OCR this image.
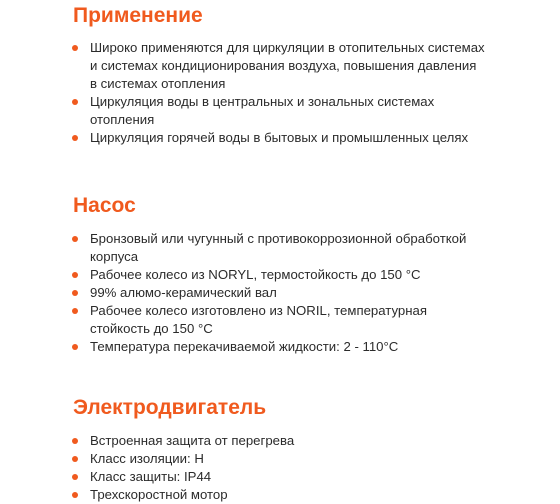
Применение
Широко применяются для циркуляции в отопительных системах
и системах кондиционирования воздуха, повышения давления
в системах отопления
Циркуляция воды в центральных и зональных системах
отопления
Циркуляция горячей воды в бытовых и промышленных целях
Насос
Бронзовый или чугунный с противокоррозионной обработкой
корпуса
Рабочее колесо из NORYL, термостойкость до 150 °С
99% алюмо-керамический вал
Рабочее колесо изготовлено из NORIL, температурная
стойкость до 150 °С
Температура перекачиваемой жидкости: 2 - 110°С
Электродвигатель
Встроенная защита от перегрева
Класс изоляции: H
Класс защиты: IP44
Трехскоростной мотор
